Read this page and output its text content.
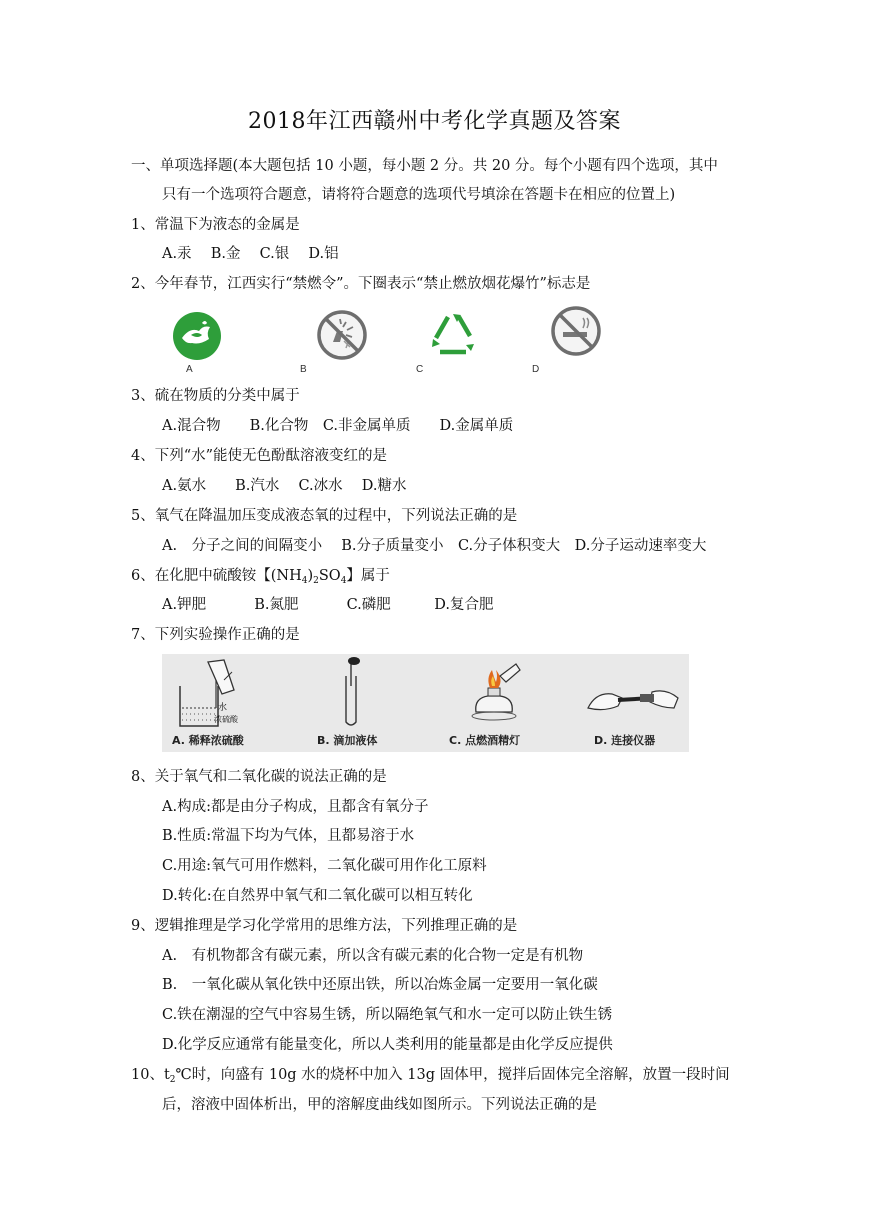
2018年江西赣州中考化学真题及答案
一、单项选择题(本大题包括 10 小题，每小题 2 分。共 20 分。每个小题有四个选项，其中
只有一个选项符合题意，请将符合题意的选项代号填涂在答题卡在相应的位置上)
1、常温下为液态的金属是
A.汞　 B.金　 C.银　 D.铝
2、今年春节，江西实行“禁燃令”。下圈表示“禁止燃放烟花爆竹”标志是
A	B	C	D
3、硫在物质的分类中属于
A.混合物　　B.化合物　C.非金属单质　　D.金属单质
4、下列“水”能使无色酚酞溶液变红的是
A.氨水　　B.汽水　 C.冰水　 D.糖水
5、氧气在降温加压变成液态氧的过程中，下列说法正确的是
A.　分子之间的间隔变小　 B.分子质量变小　C.分子体积变大　D.分子运动速率变大
6、在化肥中硫酸铵【$(NH_4)_2SO_4$】属于
A.钾肥　　　 B.氮肥　　　 C.磷肥　　　D.复合肥
7、下列实验操作正确的是
水
浓硫酸
A. 稀释浓硫酸	B. 滴加液体	C. 点燃酒精灯	D. 连接仪器
8、关于氧气和二氧化碳的说法正确的是
A.构成:都是由分子构成，且都含有氧分子
B.性质:常温下均为气体，且都易溶于水
C.用途:氧气可用作燃料，二氧化碳可用作化工原料
D.转化:在自然界中氧气和二氧化碳可以相互转化
9、逻辑推理是学习化学常用的思维方法，下列推理正确的是
A.　有机物都含有碳元素，所以含有碳元素的化合物一定是有机物
B.　一氧化碳从氧化铁中还原出铁，所以冶炼金属一定要用一氧化碳
C.铁在潮湿的空气中容易生锈，所以隔绝氧气和水一定可以防止铁生锈
D.化学反应通常有能量变化，所以人类利用的能量都是由化学反应提供
10、$t_2℃$时，向盛有 10g 水的烧杯中加入 13g 固体甲，搅拌后固体完全溶解，放置一段时间
后，溶液中固体析出，甲的溶解度曲线如图所示。下列说法正确的是
